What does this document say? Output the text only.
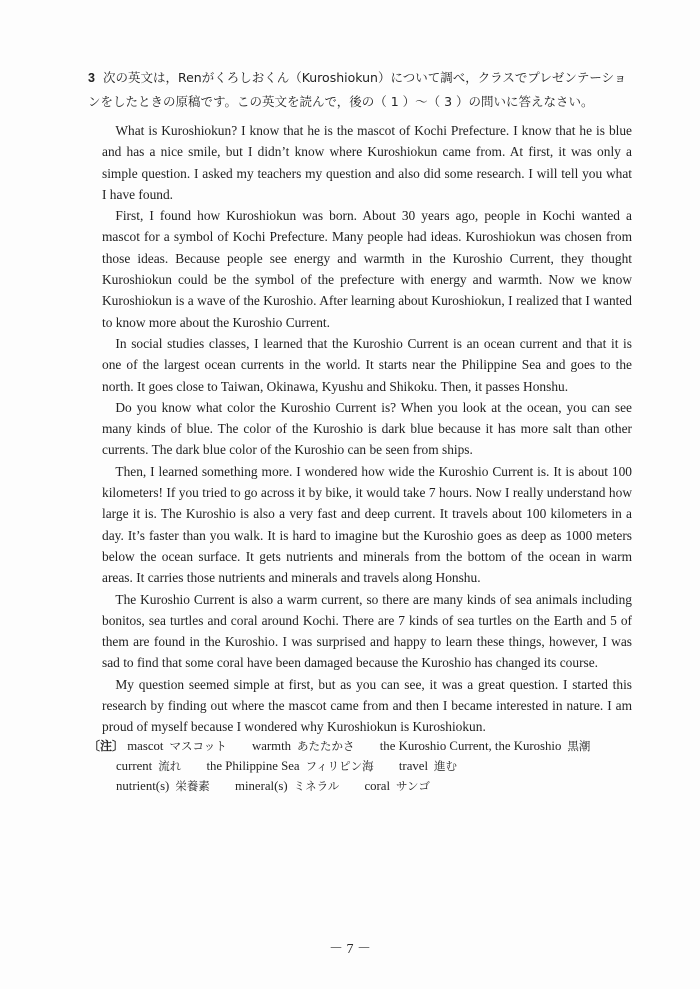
3 次の英文は，Renがくろしおくん（Kuroshiokun）について調べ，クラスでプレゼンテーショ
ンをしたときの原稿です。この英文を読んで，後の（ 1 ）〜（ 3 ）の問いに答えなさい。

 What is Kuroshiokun? I know that he is the mascot of Kochi Prefecture. I know that he is blue and has a nice smile, but I didn’t know where Kuroshiokun came from. At first, it was only a simple question. I asked my teachers my question and also did some research. I will tell you what I have found.

 First, I found how Kuroshiokun was born. About 30 years ago, people in Kochi wanted a mascot for a symbol of Kochi Prefecture. Many people had ideas. Kuroshiokun was chosen from those ideas. Because people see energy and warmth in the Kuroshio Current, they thought Kuroshiokun could be the symbol of the prefecture with energy and warmth. Now we know Kuroshiokun is a wave of the Kuroshio. After learning about Kuroshiokun, I realized that I wanted to know more about the Kuroshio Current.

 In social studies classes, I learned that the Kuroshio Current is an ocean current and that it is one of the largest ocean currents in the world. It starts near the Philippine Sea and goes to the north. It goes close to Taiwan, Okinawa, Kyushu and Shikoku. Then, it passes Honshu.

 Do you know what color the Kuroshio Current is? When you look at the ocean, you can see many kinds of blue. The color of the Kuroshio is dark blue because it has more salt than other currents. The dark blue color of the Kuroshio can be seen from ships.

 Then, I learned something more. I wondered how wide the Kuroshio Current is. It is about 100 kilometers! If you tried to go across it by bike, it would take 7 hours. Now I really understand how large it is. The Kuroshio is also a very fast and deep current. It travels about 100 kilometers in a day. It’s faster than you walk. It is hard to imagine but the Kuroshio goes as deep as 1000 meters below the ocean surface. It gets nutrients and minerals from the bottom of the ocean in warm areas. It carries those nutrients and minerals and travels along Honshu.

 The Kuroshio Current is also a warm current, so there are many kinds of sea animals including bonitos, sea turtles and coral around Kochi. There are 7 kinds of sea turtles on the Earth and 5 of them are found in the Kuroshio. I was surprised and happy to learn these things, however, I was sad to find that some coral have been damaged because the Kuroshio has changed its course.

 My question seemed simple at first, but as you can see, it was a great question. I started this research by finding out where the mascot came from and then I became interested in nature. I am proud of myself because I wondered why Kuroshiokun is Kuroshiokun.

〔注〕 mascot マスコット warmth あたたかさ the Kuroshio Current, the Kuroshio 黒潮
current 流れ the Philippine Sea フィリピン海 travel 進む
nutrient(s) 栄養素 mineral(s) ミネラル coral サンゴ
－ 7 －
